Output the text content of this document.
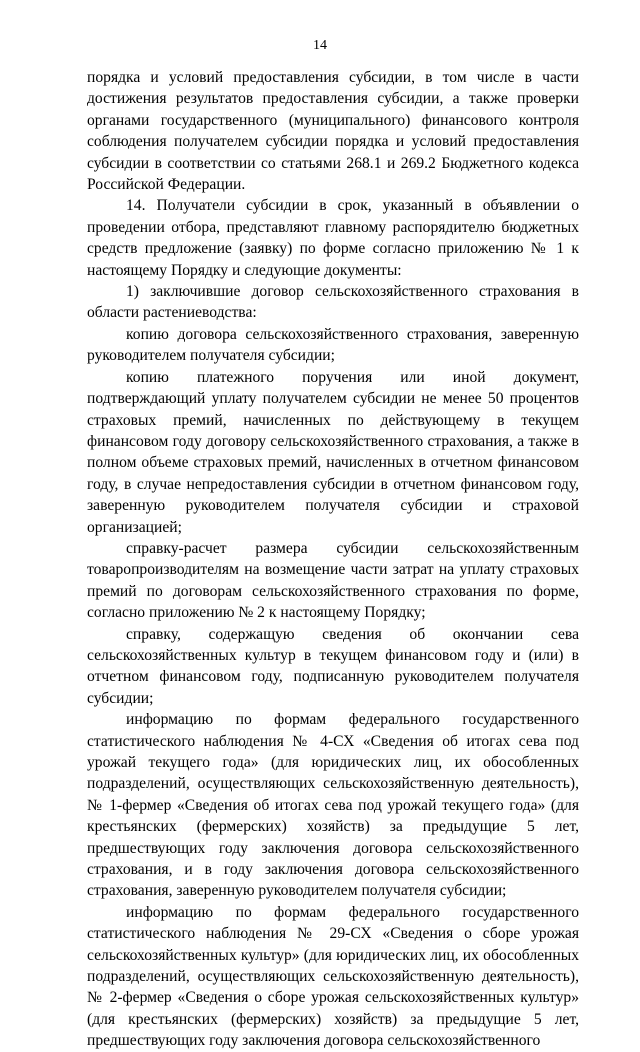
14

порядка и условий предоставления субсидии, в том числе в части достижения результатов предоставления субсидии, а также проверки органами государственного (муниципального) финансового контроля соблюдения получателем субсидии порядка и условий предоставления субсидии в соответствии со статьями 268.1 и 269.2 Бюджетного кодекса Российской Федерации.

14. Получатели субсидии в срок, указанный в объявлении о проведении отбора, представляют главному распорядителю бюджетных средств предложение (заявку) по форме согласно приложению № 1 к настоящему Порядку и следующие документы:

1) заключившие договор сельскохозяйственного страхования в области растениеводства:

копию договора сельскохозяйственного страхования, заверенную руководителем получателя субсидии;

копию платежного поручения или иной документ, подтверждающий уплату получателем субсидии не менее 50 процентов страховых премий, начисленных по действующему в текущем финансовом году договору сельскохозяйственного страхования, а также в полном объеме страховых премий, начисленных в отчетном финансовом году, в случае непредоставления субсидии в отчетном финансовом году, заверенную руководителем получателя субсидии и страховой организацией;

справку-расчет размера субсидии сельскохозяйственным товаропроизводителям на возмещение части затрат на уплату страховых премий по договорам сельскохозяйственного страхования по форме, согласно приложению № 2 к настоящему Порядку;

справку, содержащую сведения об окончании сева сельскохозяйственных культур в текущем финансовом году и (или) в отчетном финансовом году, подписанную руководителем получателя субсидии;

информацию по формам федерального государственного статистического наблюдения № 4-СХ «Сведения об итогах сева под урожай текущего года» (для юридических лиц, их обособленных подразделений, осуществляющих сельскохозяйственную деятельность), № 1-фермер «Сведения об итогах сева под урожай текущего года» (для крестьянских (фермерских) хозяйств) за предыдущие 5 лет, предшествующих году заключения договора сельскохозяйственного страхования, и в году заключения договора сельскохозяйственного страхования, заверенную руководителем получателя субсидии;

информацию по формам федерального государственного статистического наблюдения № 29-СХ «Сведения о сборе урожая сельскохозяйственных культур» (для юридических лиц, их обособленных подразделений, осуществляющих сельскохозяйственную деятельность), № 2-фермер «Сведения о сборе урожая сельскохозяйственных культур» (для крестьянских (фермерских) хозяйств) за предыдущие 5 лет, предшествующих году заключения договора сельскохозяйственного
